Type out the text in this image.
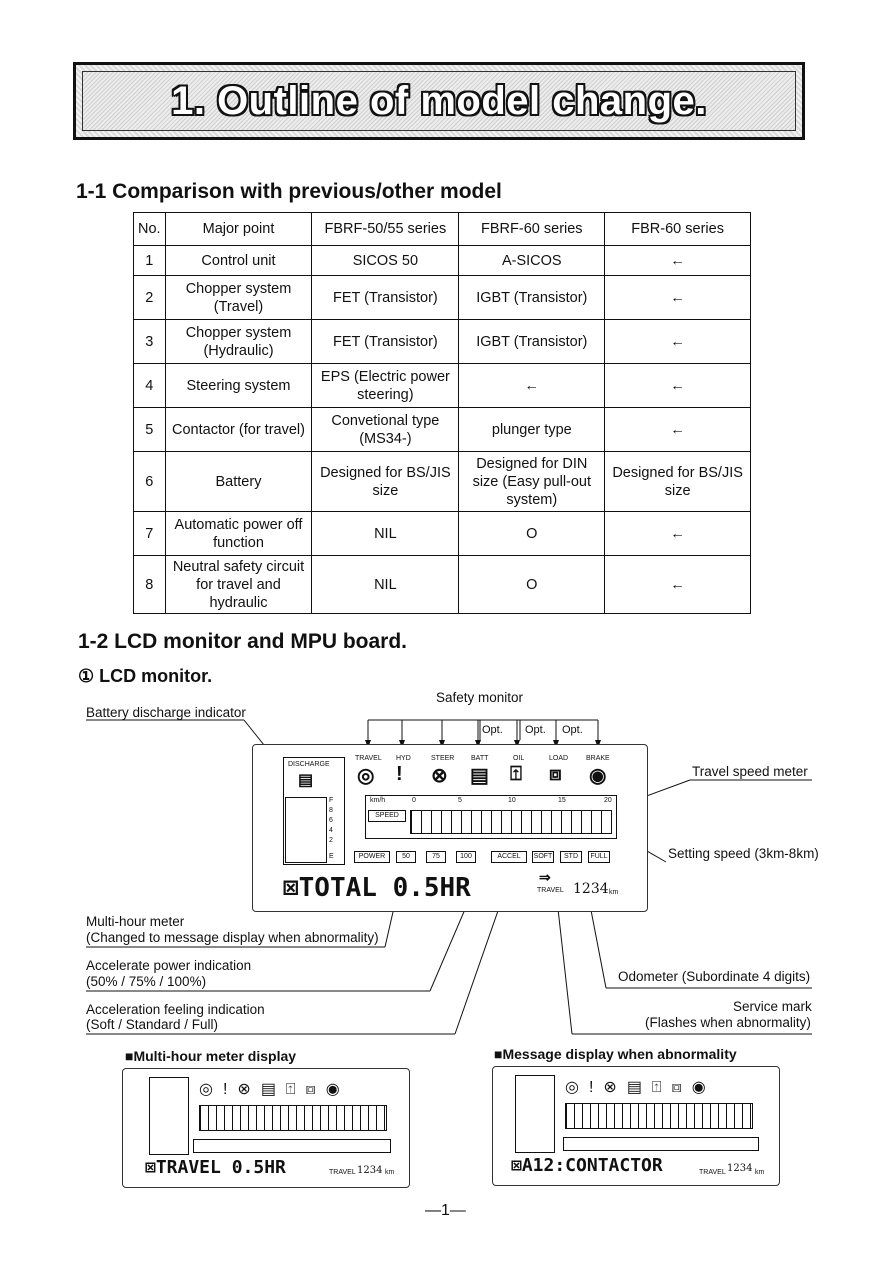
1. Outline of model change.
1-1 Comparison with previous/other model
No.	Major point	FBRF-50/55 series	FBRF-60 series	FBR-60 series
1	Control unit	SICOS 50	A-SICOS	←
2	Chopper system (Travel)	FET (Transistor)	IGBT (Transistor)	←
3	Chopper system (Hydraulic)	FET (Transistor)	IGBT (Transistor)	←
4	Steering system	EPS (Electric power steering)	←	←
5	Contactor (for travel)	Convetional type (MS34-)	plunger type	←
6	Battery	Designed for BS/JIS size	Designed for DIN size (Easy pull-out system)	Designed for BS/JIS size
7	Automatic power off function	NIL	O	←
8	Neutral safety circuit for travel and hydraulic	NIL	O	←
1-2 LCD monitor and MPU board.
① LCD monitor.
Safety monitor
Battery discharge indicator
Opt. Opt. Opt.
Travel speed meter
Setting speed (3km-8km)
Multi-hour meter
(Changed to message display when abnormality)
Accelerate power indication
(50% / 75% / 100%)
Acceleration feeling indication
(Soft / Standard / Full)
Odometer (Subordinate 4 digits)
Service mark
(Flashes when abnormality)
DISCHARGE
▤
F
8
6
4
2
E
TRAVEL HYD	STEER BATT	OIL	LOAD	BRAKE
◎ ! ⊗ ▤ ⍐ ⧈ ◉
km/h	0	5	10	15	20
SPEED
POWER	50	75	100	ACCEL	SOFT	STD	FULL
⊠TOTAL 0.5HR	⇒
TRAVEL 1234 km
■Multi-hour meter display	■Message display when abnormality
◎!⊗▤⍐⧈◉
⊠TRAVEL 0.5HR	TRAVEL 1234 km
◎!⊗▤⍐⧈◉
⊠A12:CONTACTOR	TRAVEL 1234 km
—1—
